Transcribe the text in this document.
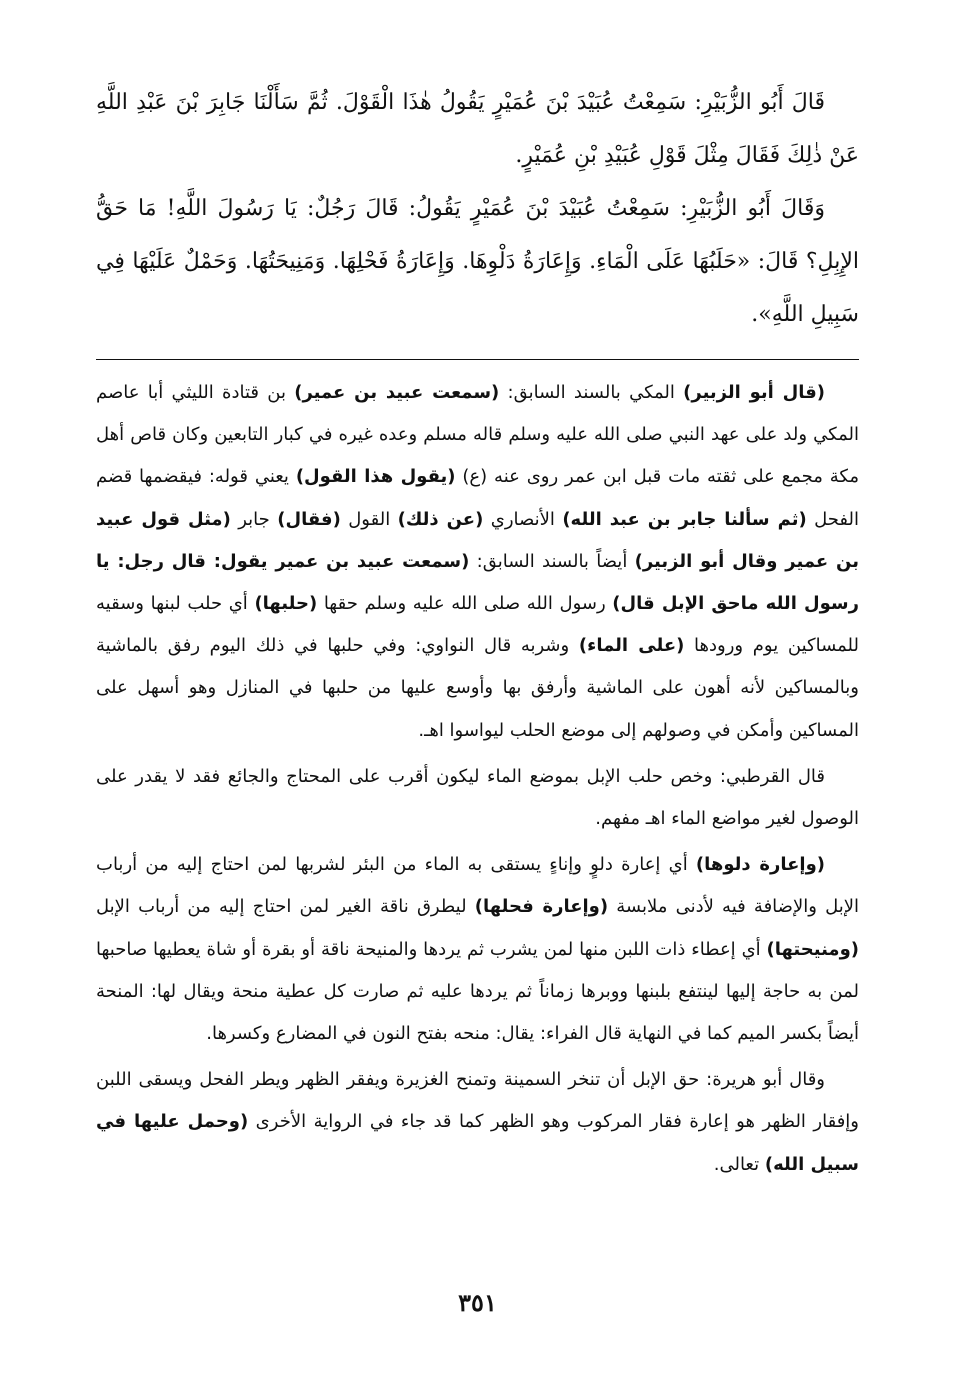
قَالَ أَبُو الزُّبَيْرِ: سَمِعْتُ عُبَيْدَ بْنَ عُمَيْرٍ يَقُولُ هٰذَا الْقَوْلَ. ثُمَّ سَأَلْنَا جَابِرَ بْنَ عَبْدِ اللَّهِ عَنْ ذٰلِكَ فَقَالَ مِثْلَ قَوْلِ عُبَيْدِ بْنِ عُمَيْرٍ.

وَقَالَ أَبُو الزُّبَيْرِ: سَمِعْتُ عُبَيْدَ بْنَ عُمَيْرٍ يَقُولُ: قَالَ رَجُلٌ: يَا رَسُولَ اللَّهِ! مَا حَقُّ الإِبِلِ؟ قَالَ: «حَلَبُهَا عَلَى الْمَاءِ. وَإِعَارَةُ دَلْوِهَا. وَإِعَارَةُ فَحْلِهَا. وَمَنِيحَتُهَا. وَحَمْلٌ عَلَيْهَا فِي سَبِيلِ اللَّهِ».

(قال أبو الزبير) المكي بالسند السابق: (سمعت عبيد بن عمير) بن قتادة الليثي أبا عاصم المكي ولد على عهد النبي صلى الله عليه وسلم قاله مسلم وعده غيره في كبار التابعين وكان قاص أهل مكة مجمع على ثقته مات قبل ابن عمر روى عنه (ع) (يقول هذا القول) يعني قوله: فيقضمها قضم الفحل (ثم سألنا جابر بن عبد الله) الأنصاري (عن ذلك) القول (فقال) جابر (مثل قول عبيد بن عمير وقال أبو الزبير) أيضاً بالسند السابق: (سمعت عبيد بن عمير يقول: قال رجل: يا رسول الله ماحق الإبل قال) رسول الله صلى الله عليه وسلم حقها (حلبها) أي حلب لبنها وسقيه للمساكين يوم ورودها (على الماء) وشربه قال النواوي: وفي حلبها في ذلك اليوم رفق بالماشية وبالمساكين لأنه أهون على الماشية وأرفق بها وأوسع عليها من حلبها في المنازل وهو أسهل على المساكين وأمكن في وصولهم إلى موضع الحلب ليواسوا اهـ.

قال القرطبي: وخص حلب الإبل بموضع الماء ليكون أقرب على المحتاج والجائع فقد لا يقدر على الوصول لغير مواضع الماء اهـ مفهم.

(وإعارة دلوها) أي إعارة دلوٍ وإناءٍ يستقى به الماء من البئر لشربها لمن احتاج إليه من أرباب الإبل والإضافة فيه لأدنى ملابسة (وإعارة فحلها) ليطرق ناقة الغير لمن احتاج إليه من أرباب الإبل (ومنيحتها) أي إعطاء ذات اللبن منها لمن يشرب ثم يردها والمنيحة ناقة أو بقرة أو شاة يعطيها صاحبها لمن به حاجة إليها لينتفع بلبنها ووبرها زماناً ثم يردها عليه ثم صارت كل عطية منحة ويقال لها: المنحة أيضاً بكسر الميم كما في النهاية قال الفراء: يقال: منحه بفتح النون في المضارع وكسرها.

وقال أبو هريرة: حق الإبل أن تنخر السمينة وتمنح الغزيرة ويفقر الظهر ويطر الفحل ويسقى اللبن وإفقار الظهر هو إعارة فقار المركوب وهو الظهر كما قد جاء في الرواية الأخرى (وحمل عليها في سبيل الله) تعالى.

٣٥١
